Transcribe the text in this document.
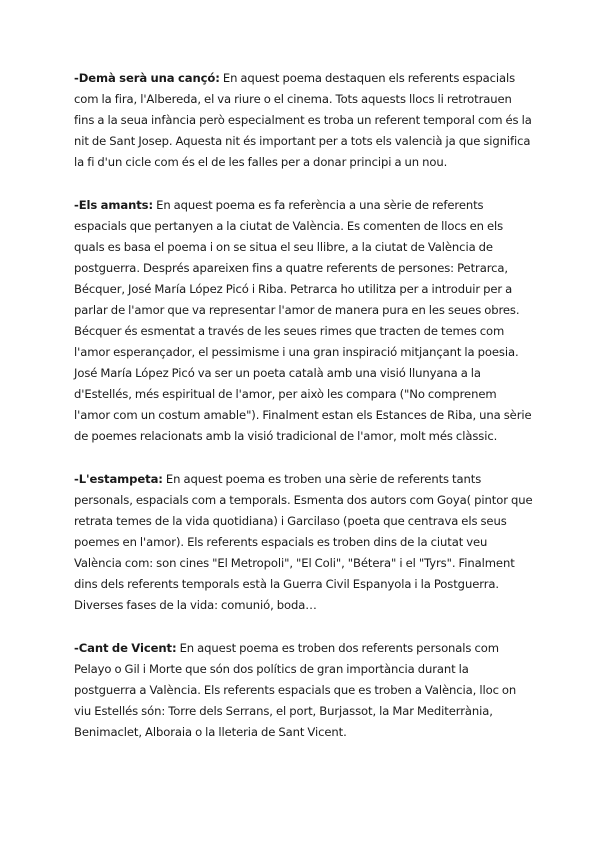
-Demà serà una cançó: En aquest poema destaquen els referents espacials com la fira, l'Albereda, el va riure o el cinema. Tots aquests llocs li retrotrauen fins a la seua infància però especialment es troba un referent temporal com és la nit de Sant Josep. Aquesta nit és important per a tots els valencià ja que significa la fi d'un cicle com és el de les falles per a donar principi a un nou.

-Els amants: En aquest poema es fa referència a una sèrie de referents espacials que pertanyen a la ciutat de València. Es comenten de llocs en els quals es basa el poema i on se situa el seu llibre, a la ciutat de València de postguerra. Després apareixen fins a quatre referents de persones: Petrarca, Bécquer, José María López Picó i Riba. Petrarca ho utilitza per a introduir per a parlar de l'amor que va representar l'amor de manera pura en les seues obres. Bécquer és esmentat a través de les seues rimes que tracten de temes com l'amor esperançador, el pessimisme i una gran inspiració mitjançant la poesia. José María López Picó va ser un poeta català amb una visió llunyana a la d'Estellés, més espiritual de l'amor, per això les compara ("No comprenem l'amor com un costum amable"). Finalment estan els Estances de Riba, una sèrie de poemes relacionats amb la visió tradicional de l'amor, molt més clàssic.

-L'estampeta: En aquest poema es troben una sèrie de referents tants personals, espacials com a temporals. Esmenta dos autors com Goya( pintor que retrata temes de la vida quotidiana) i Garcilaso (poeta que centrava els seus poemes en l'amor). Els referents espacials es troben dins de la ciutat veu València com: son cines "El Metropoli", "El Coli", "Bétera" i el "Tyrs". Finalment dins dels referents temporals està la Guerra Civil Espanyola i la Postguerra. Diverses fases de la vida: comunió, boda…

-Cant de Vicent: En aquest poema es troben dos referents personals com Pelayo o Gil i Morte que són dos polítics de gran importància durant la postguerra a València. Els referents espacials que es troben a València, lloc on viu Estellés són: Torre dels Serrans, el port, Burjassot, la Mar Mediterrània, Benimaclet, Alboraia o la lleteria de Sant Vicent.
